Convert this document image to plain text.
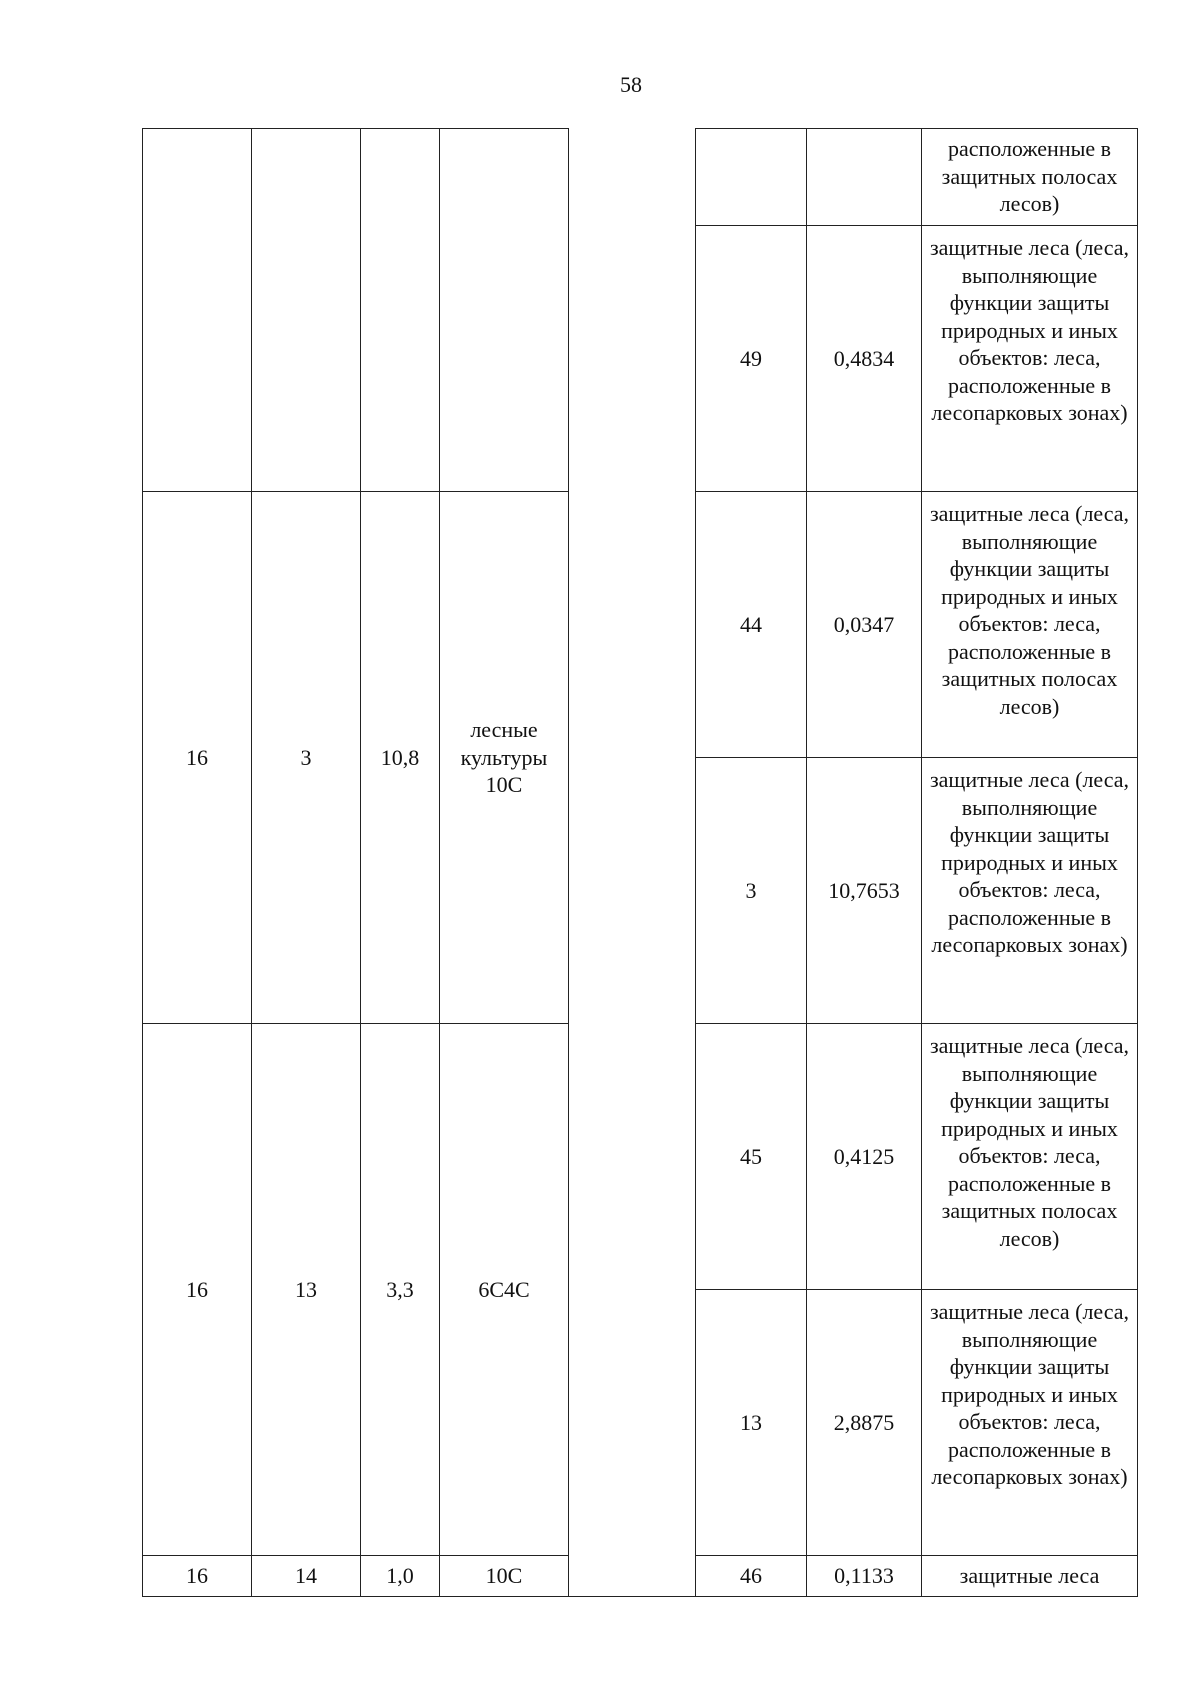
58
							расположенные в защитных полосах лесов)
					49	0,4834	защитные леса (леса, выполняющие функции защиты природных и иных объектов: леса, расположенные в лесопарковых зонах)
16	3	10,8	лесные культуры 10С		44	0,0347	защитные леса (леса, выполняющие функции защиты природных и иных объектов: леса, расположенные в защитных полосах лесов)
					3	10,7653	защитные леса (леса, выполняющие функции защиты природных и иных объектов: леса, расположенные в лесопарковых зонах)
16	13	3,3	6С4С		45	0,4125	защитные леса (леса, выполняющие функции защиты природных и иных объектов: леса, расположенные в защитных полосах лесов)
					13	2,8875	защитные леса (леса, выполняющие функции защиты природных и иных объектов: леса, расположенные в лесопарковых зонах)
16	14	1,0	10С		46	0,1133	защитные леса
